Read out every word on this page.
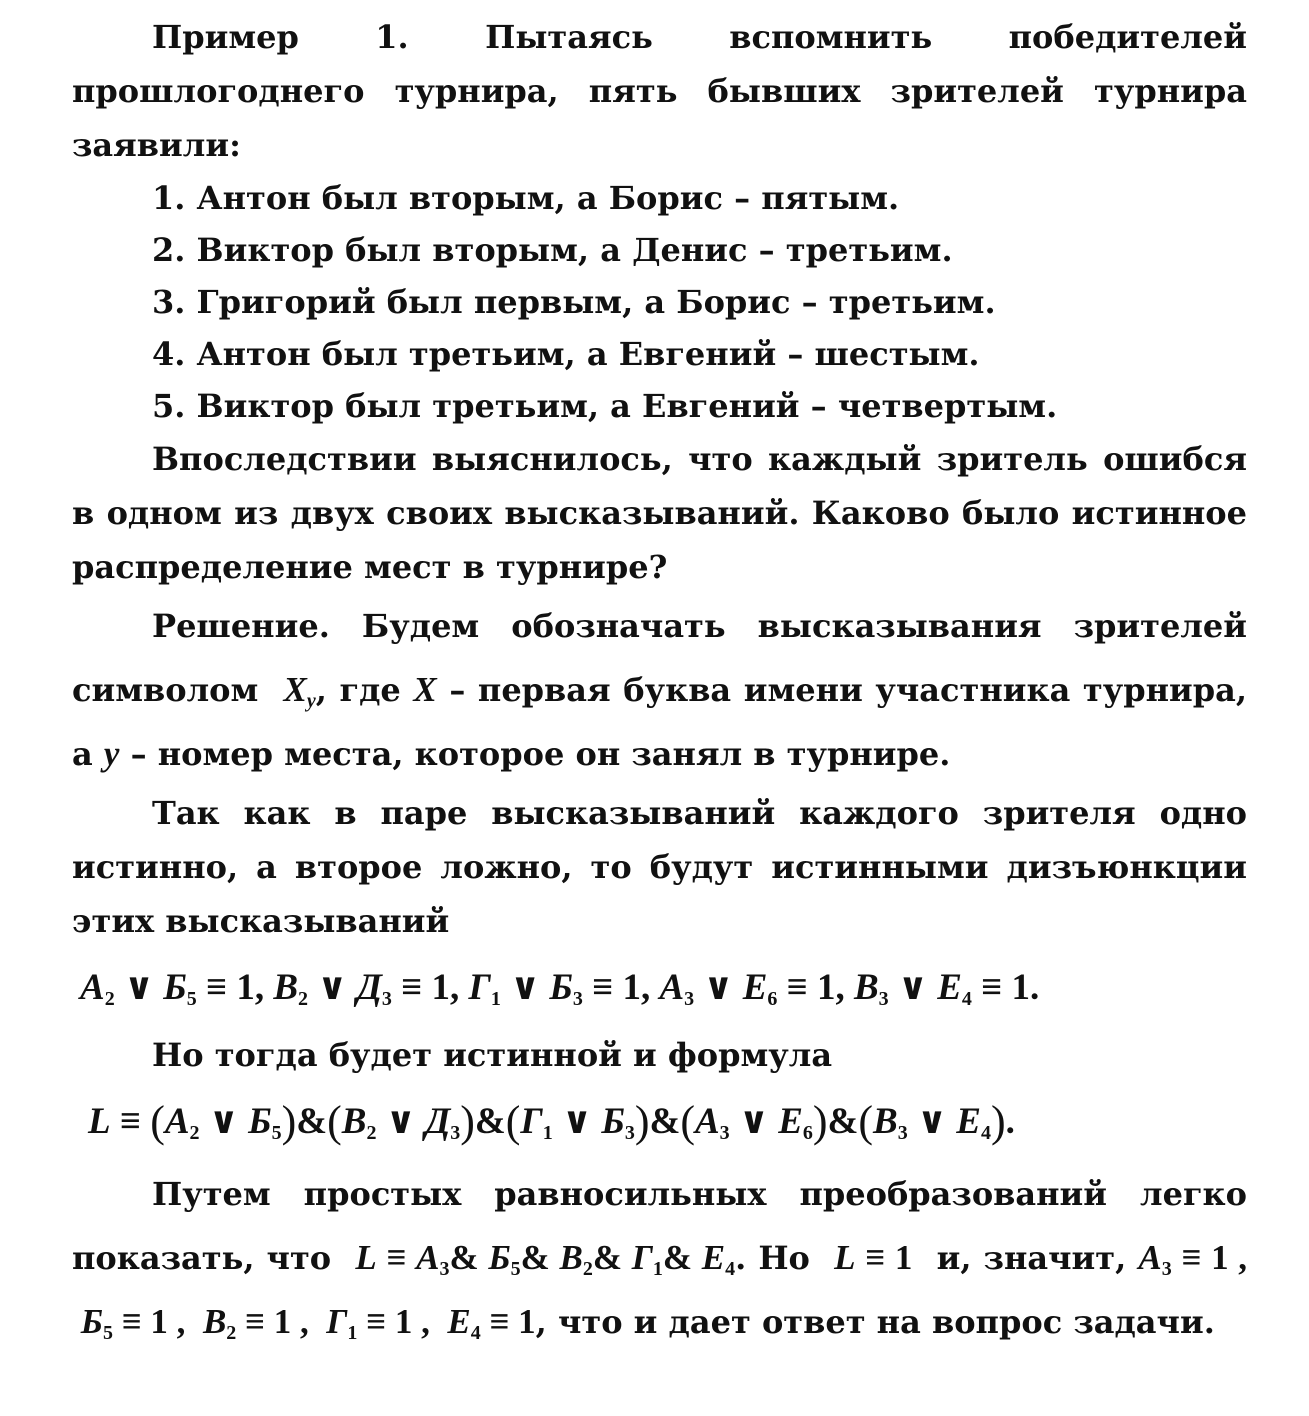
Пример 1. Пытаясь вспомнить победителей прошлогоднего турнира, пять бывших зрителей турнира заявили:

1. Антон был вторым, а Борис – пятым.

2. Виктор был вторым, а Денис – третьим.

3. Григорий был первым, а Борис – третьим.

4. Антон был третьим, а Евгений – шестым.

5. Виктор был третьим, а Евгений – четвертым.

Впоследствии выяснилось, что каждый зритель ошибся в одном из двух своих высказываний. Каково было истинное распределение мест в турнире?

Решение. Будем обозначать высказывания зрителей символом $X_y$, где X – первая буква имени участника турнира, а y – номер места, которое он занял в турнире.

Так как в паре высказываний каждого зрителя одно истинно, а второе ложно, то будут истинными дизъюнкции этих высказываний

$А_2$ ∨ $Б_5 \equiv 1$, $В_2$ ∨ $Д_3 \equiv 1$, $Г_1$ ∨ $Б_3 \equiv 1$, $А_3$ ∨ $Е_6 \equiv 1$, $В_3$ ∨ $Е_4 \equiv 1$.

Но тогда будет истинной и формула

$L \equiv (А_2$ ∨ $Б_5)\&(В_2$ ∨ $Д_3)\&(Г_1$ ∨ $Б_3)\&(А_3$ ∨ $Е_6)\&(В_3$ ∨ $Е_4$).

Путем простых равносильных преобразований легко показать, что $L \equiv А_3\&$ $Б_5\&$ $В_2\&$ $Г_1\&$ $Е_4$. Но L ≡ 1 и, значит, $А_3 \equiv 1$ ,  $Б_5 \equiv 1$ ,  $В_2 \equiv 1$ ,  $Г_1 \equiv 1$ ,  $Е_4 \equiv 1$, что и дает ответ на вопрос задачи.
